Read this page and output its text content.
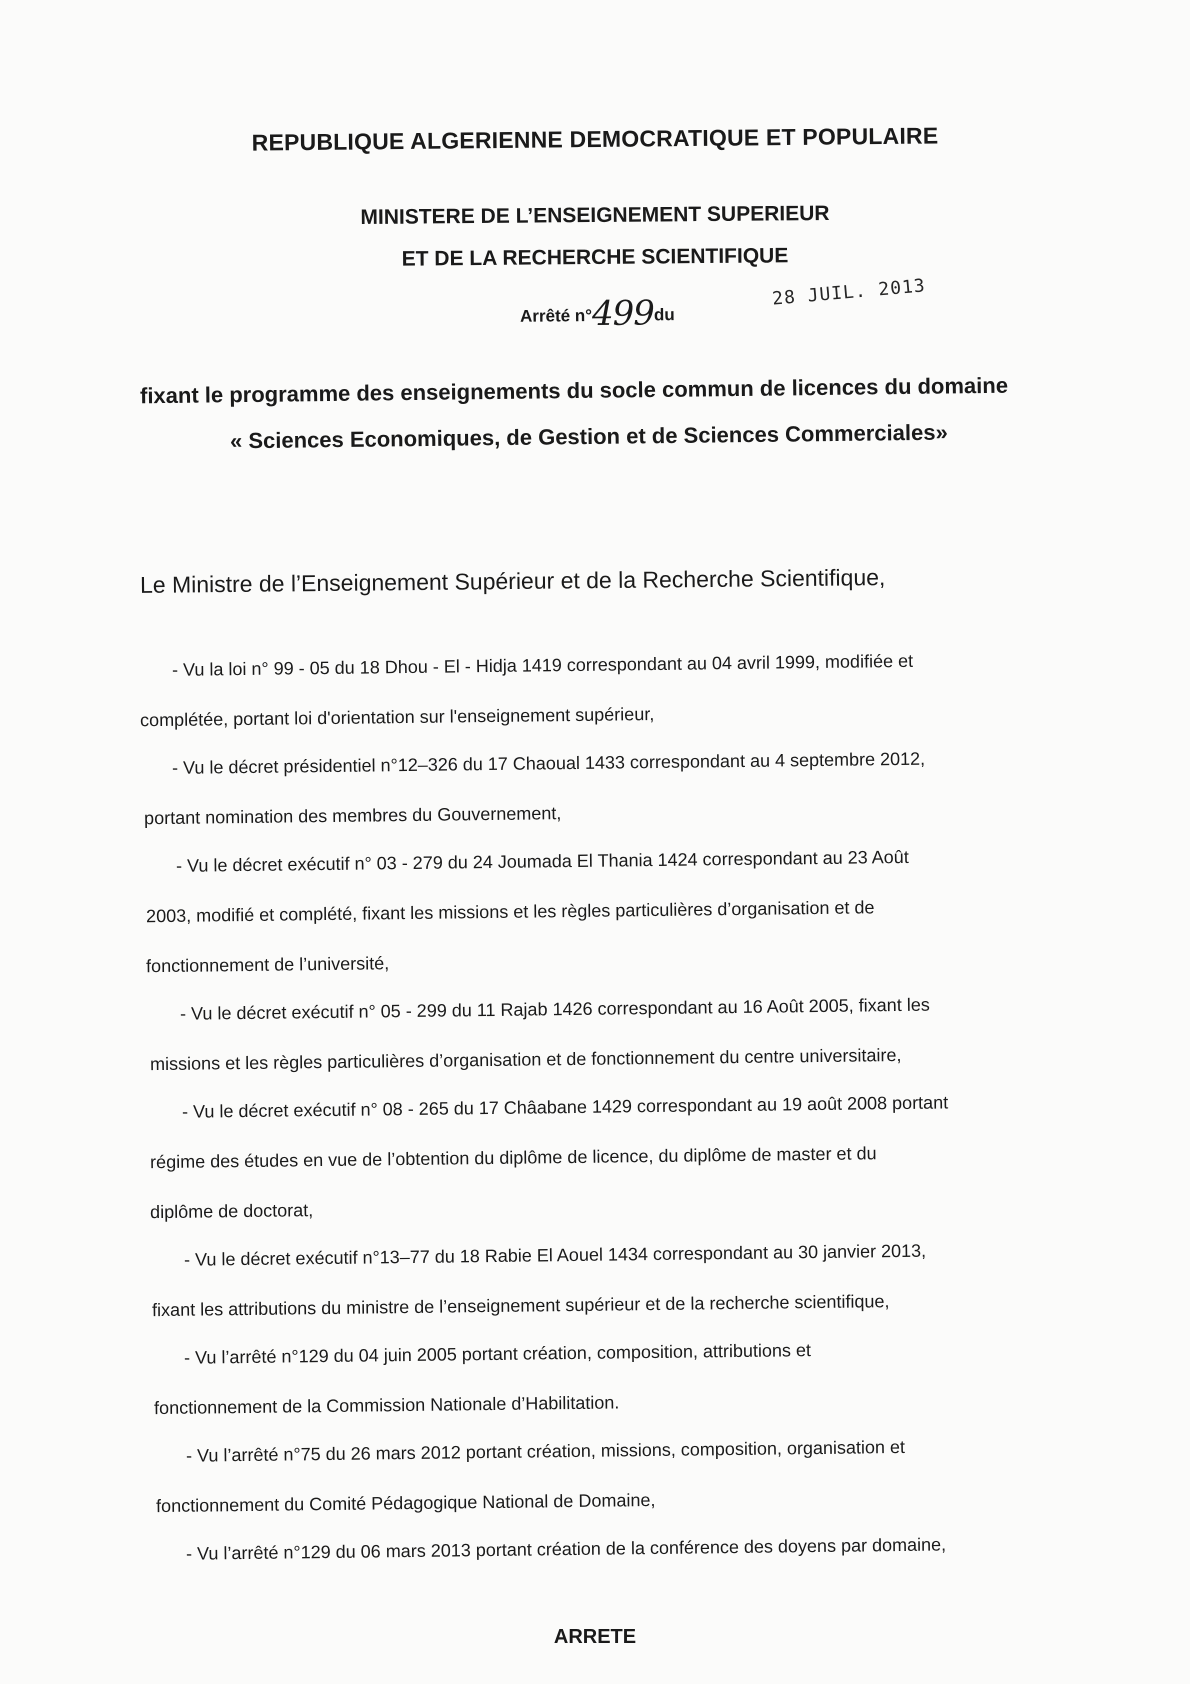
REPUBLIQUE ALGERIENNE DEMOCRATIQUE ET POPULAIRE
MINISTERE DE L’ENSEIGNEMENT SUPERIEUR
ET DE LA RECHERCHE SCIENTIFIQUE
Arrêté n°499du
28 JUIL. 2013
fixant le programme des enseignements du socle commun de licences du domaine
« Sciences Economiques, de Gestion et de Sciences Commerciales»
Le Ministre de l’Enseignement Supérieur et de la Recherche Scientifique,
- Vu la loi n° 99 - 05 du 18 Dhou - El - Hidja 1419 correspondant au 04 avril 1999, modifiée et
complétée, portant loi d'orientation sur l'enseignement supérieur,
- Vu le décret présidentiel n°12–326 du 17 Chaoual 1433 correspondant au 4 septembre 2012,
portant nomination des membres du Gouvernement,
- Vu le décret exécutif n° 03 - 279 du 24 Joumada El Thania 1424 correspondant au 23 Août
2003, modifié et complété, fixant les missions et les règles particulières d’organisation et de
fonctionnement de l’université,
- Vu le décret exécutif n° 05 - 299 du 11 Rajab 1426 correspondant au 16 Août 2005, fixant les
missions et les règles particulières d’organisation et de fonctionnement du centre universitaire,
- Vu le décret exécutif n° 08 - 265 du 17 Châabane 1429 correspondant au 19 août 2008 portant
régime des études en vue de l’obtention du diplôme de licence, du diplôme de master et du
diplôme de doctorat,
- Vu le décret exécutif n°13–77 du 18 Rabie El Aouel 1434 correspondant au 30 janvier 2013,
fixant les attributions du ministre de l’enseignement supérieur et de la recherche scientifique,
- Vu l’arrêté n°129 du 04 juin 2005 portant création, composition, attributions et
fonctionnement de la Commission Nationale d’Habilitation.
- Vu l’arrêté n°75 du 26 mars 2012 portant création, missions, composition, organisation et
fonctionnement du Comité Pédagogique National de Domaine,
- Vu l’arrêté n°129 du 06 mars 2013 portant création de la conférence des doyens par domaine,
ARRETE
